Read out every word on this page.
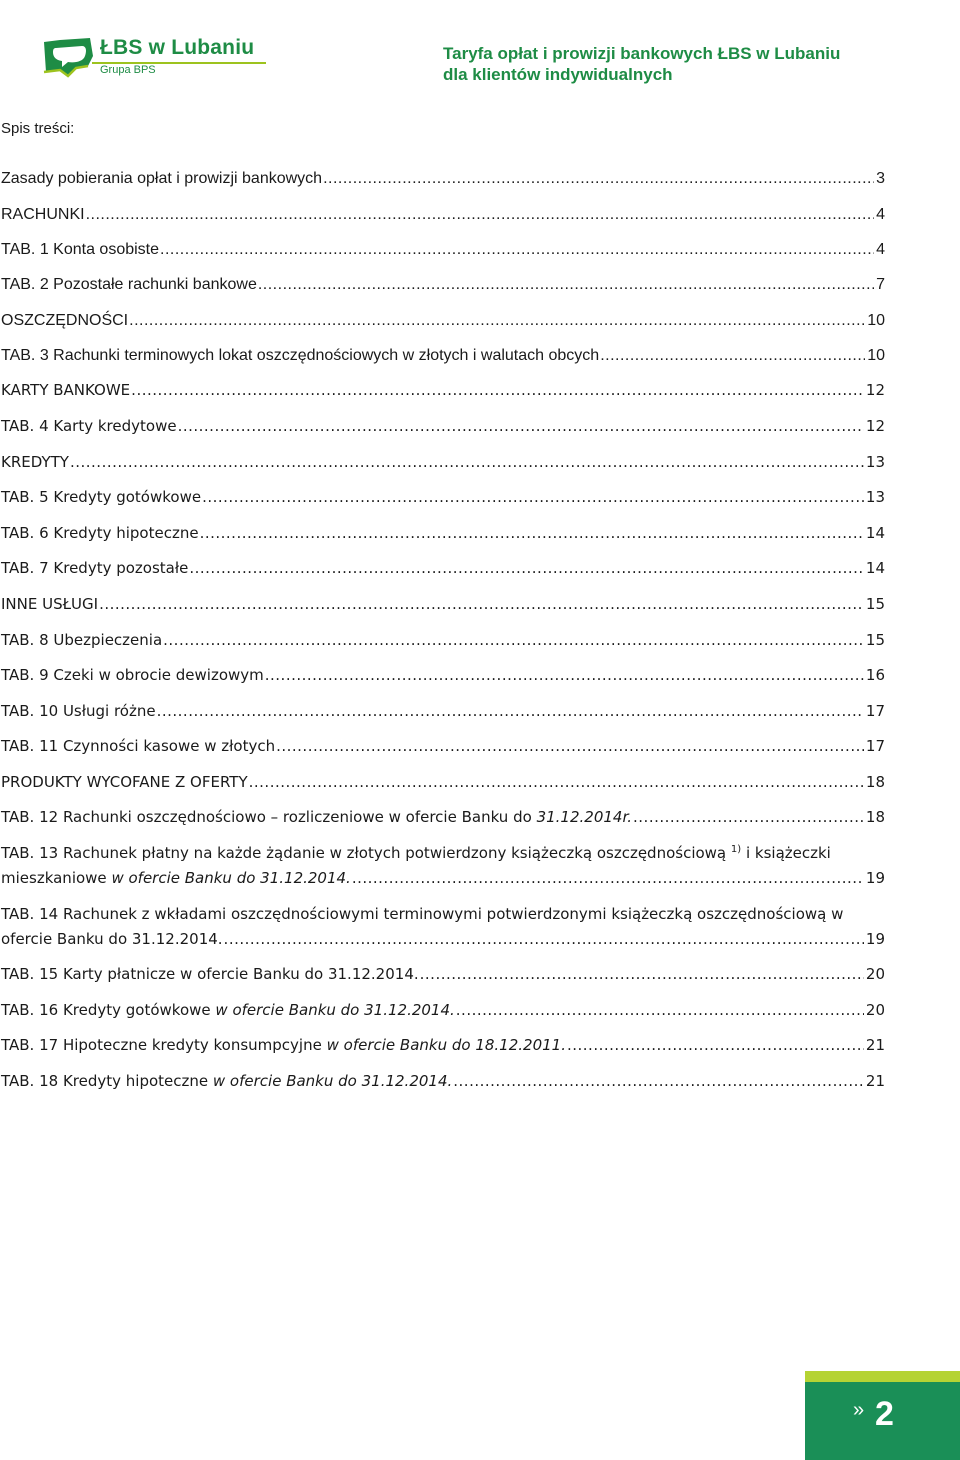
ŁBS w Lubaniu
Grupa BPS
Taryfa opłat i prowizji bankowych ŁBS w Lubaniu
dla klientów indywidualnych
Spis treści:
Zasady pobierania opłat i prowizji bankowych .....	3
RACHUNKI .....	4
TAB. 1 Konta osobiste .....	4
TAB. 2 Pozostałe rachunki bankowe .....	7
OSZCZĘDNOŚCI .....	10
TAB. 3 Rachunki terminowych lokat oszczędnościowych w złotych i walutach obcych .....	10
KARTY BANKOWE .....	12
TAB. 4 Karty kredytowe .....	12
KREDYTY .....	13
TAB. 5 Kredyty gotówkowe .....	13
TAB. 6 Kredyty hipoteczne .....	14
TAB. 7 Kredyty pozostałe .....	14
INNE USŁUGI .....	15
TAB. 8 Ubezpieczenia .....	15
TAB. 9 Czeki w obrocie dewizowym .....	16
TAB. 10 Usługi różne .....	17
TAB. 11 Czynności kasowe w złotych .....	17
PRODUKTY WYCOFANE Z OFERTY .....	18
TAB. 12 Rachunki oszczędnościowo – rozliczeniowe w ofercie Banku do 31.12.2014r. .....	18
TAB. 13 Rachunek płatny na każde żądanie w złotych potwierdzony książeczką oszczędnościową $^{1)}$ i książeczki
mieszkaniowe w ofercie Banku do 31.12.2014. .....	19
TAB. 14 Rachunek z wkładami oszczędnościowymi terminowymi potwierdzonymi książeczką oszczędnościową w
ofercie Banku do 31.12.2014. .....	19
TAB. 15 Karty płatnicze w ofercie Banku do 31.12.2014. .....	20
TAB. 16 Kredyty gotówkowe w ofercie Banku do 31.12.2014. .....	20
TAB. 17 Hipoteczne kredyty konsumpcyjne w ofercie Banku do 18.12.2011. .....	21
TAB. 18 Kredyty hipoteczne w ofercie Banku do 31.12.2014. .....	21
» 2
